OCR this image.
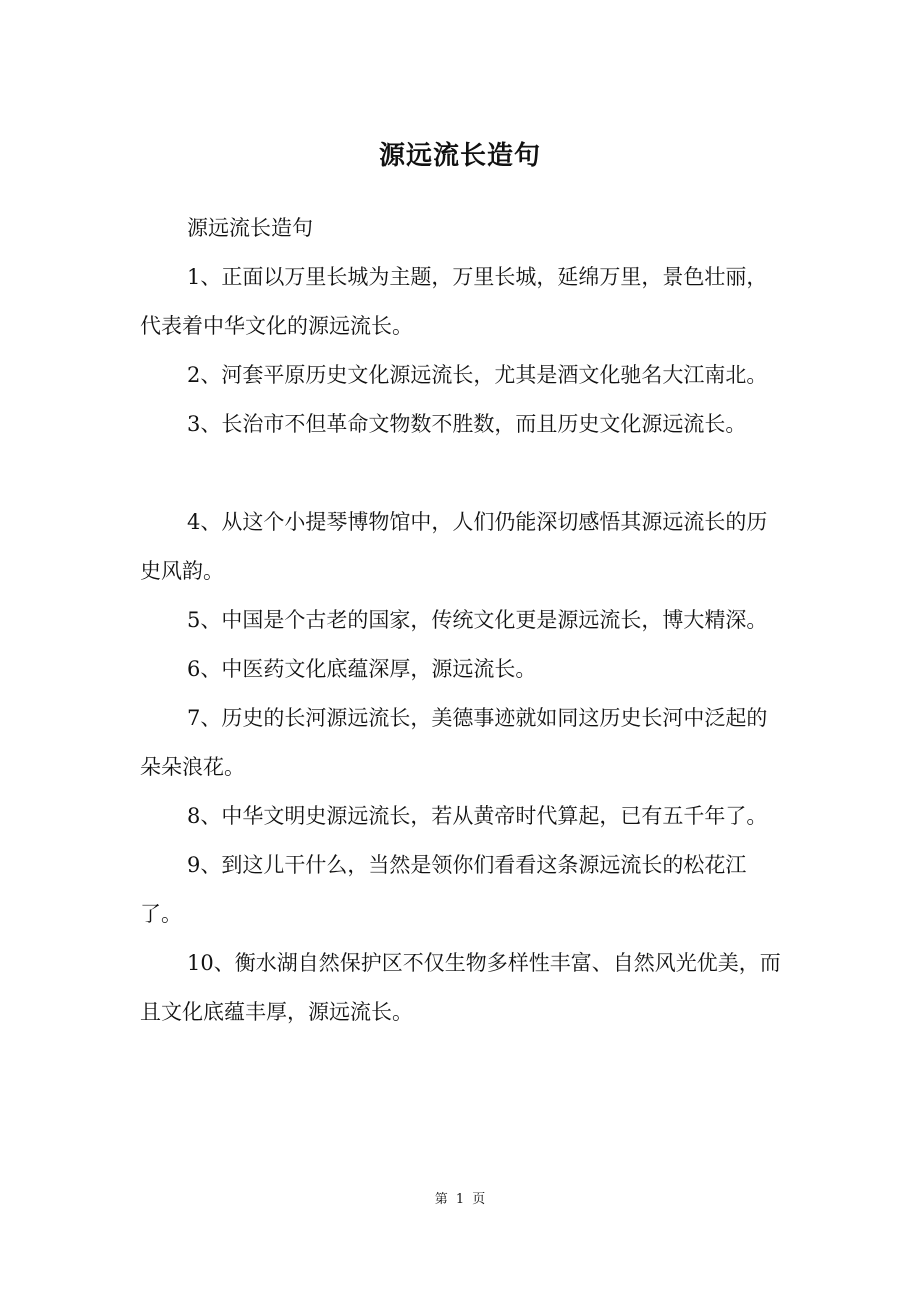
源远流长造句

源远流长造句

1、正面以万里长城为主题，万里长城，延绵万里，景色壮丽，代表着中华文化的源远流长。

2、河套平原历史文化源远流长，尤其是酒文化驰名大江南北。

3、长治市不但革命文物数不胜数，而且历史文化源远流长。

4、从这个小提琴博物馆中，人们仍能深切感悟其源远流长的历史风韵。

5、中国是个古老的国家，传统文化更是源远流长，博大精深。

6、中医药文化底蕴深厚，源远流长。

7、历史的长河源远流长，美德事迹就如同这历史长河中泛起的朵朵浪花。

8、中华文明史源远流长，若从黄帝时代算起，已有五千年了。

9、到这儿干什么，当然是领你们看看这条源远流长的松花江了。

10、衡水湖自然保护区不仅生物多样性丰富、自然风光优美，而且文化底蕴丰厚，源远流长。

第 1 页
